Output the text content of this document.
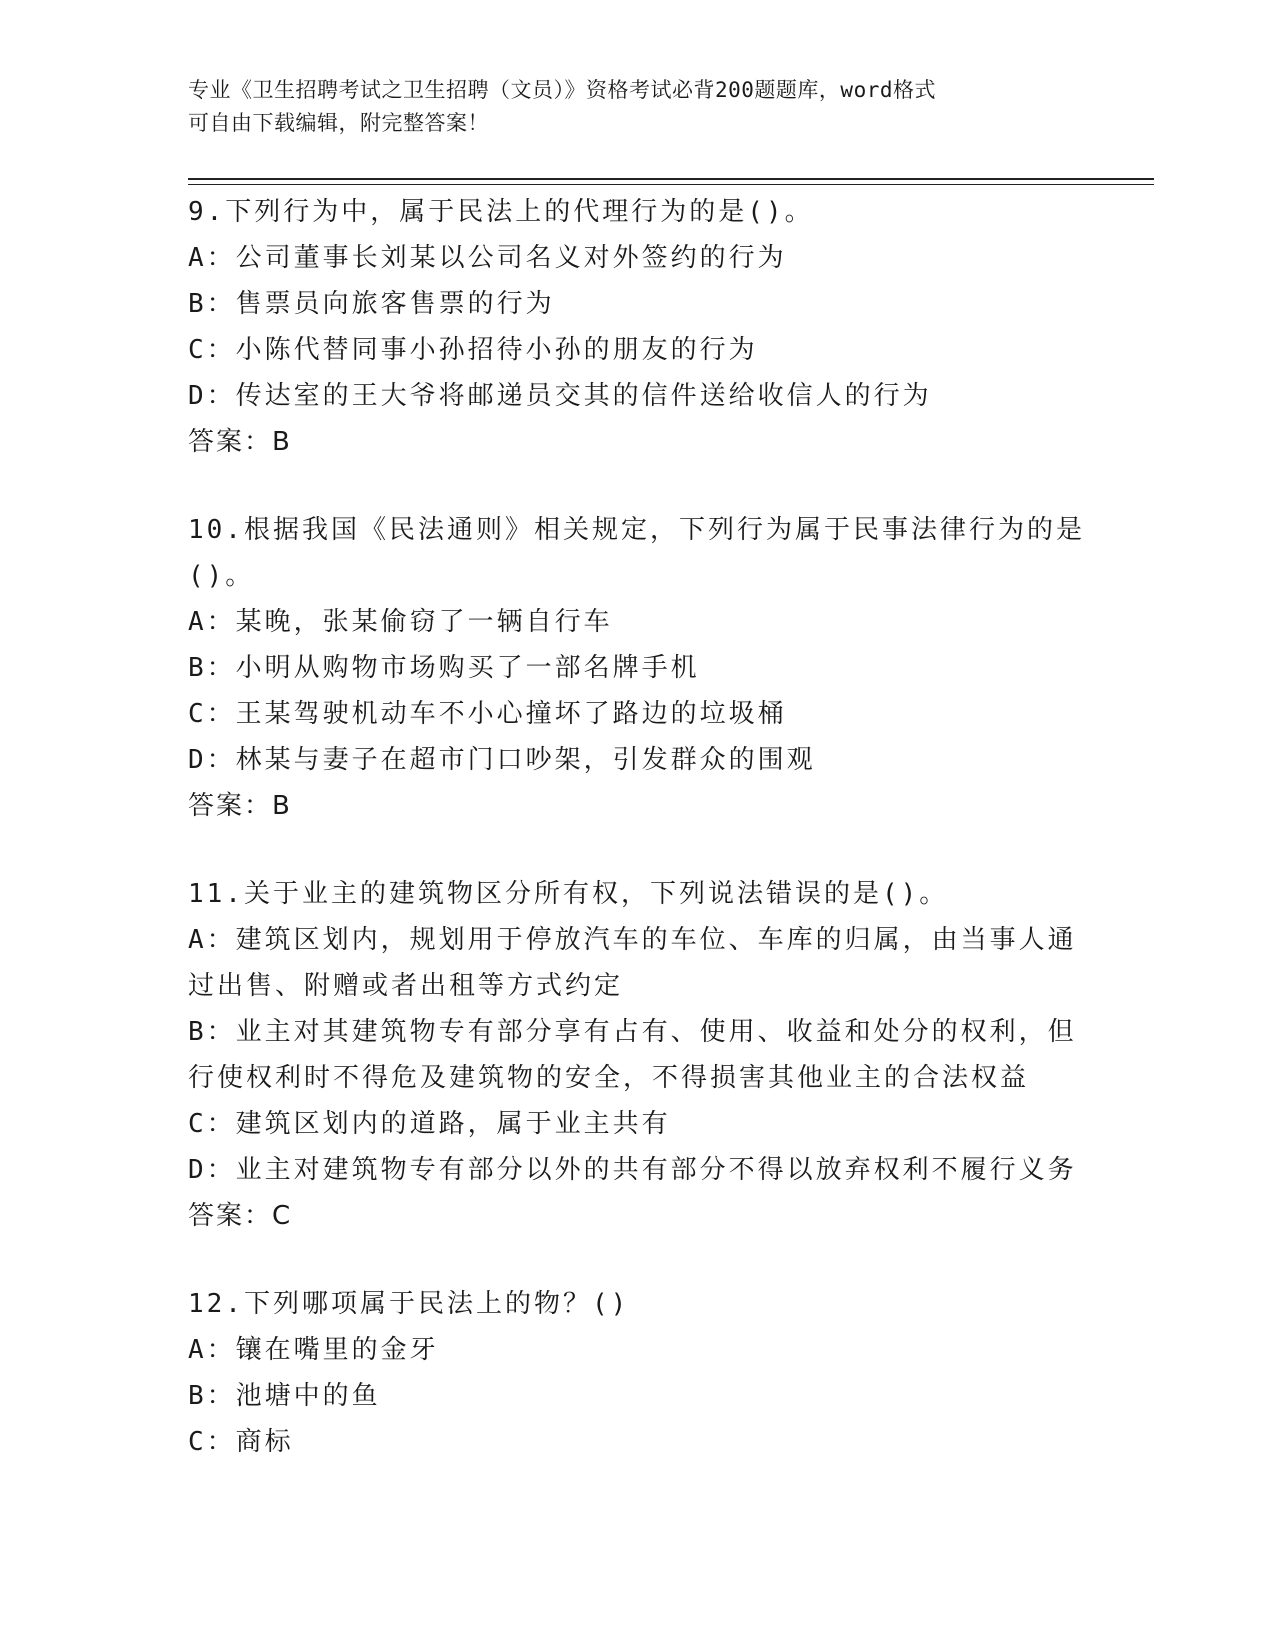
专业《卫生招聘考试之卫生招聘（文员）》资格考试必背200题题库，word格式
可自由下载编辑，附完整答案！
9.下列行为中，属于民法上的代理行为的是()。
A：公司董事长刘某以公司名义对外签约的行为
B：售票员向旅客售票的行为
C：小陈代替同事小孙招待小孙的朋友的行为
D：传达室的王大爷将邮递员交其的信件送给收信人的行为
答案：B
10.根据我国《民法通则》相关规定，下列行为属于民事法律行为的是
()。
A：某晚，张某偷窃了一辆自行车
B：小明从购物市场购买了一部名牌手机
C：王某驾驶机动车不小心撞坏了路边的垃圾桶
D：林某与妻子在超市门口吵架，引发群众的围观
答案：B
11.关于业主的建筑物区分所有权，下列说法错误的是()。
A：建筑区划内，规划用于停放汽车的车位、车库的归属，由当事人通
过出售、附赠或者出租等方式约定
B：业主对其建筑物专有部分享有占有、使用、收益和处分的权利，但
行使权利时不得危及建筑物的安全，不得损害其他业主的合法权益
C：建筑区划内的道路，属于业主共有
D：业主对建筑物专有部分以外的共有部分不得以放弃权利不履行义务
答案：C
12.下列哪项属于民法上的物？()
A：镶在嘴里的金牙
B：池塘中的鱼
C：商标
